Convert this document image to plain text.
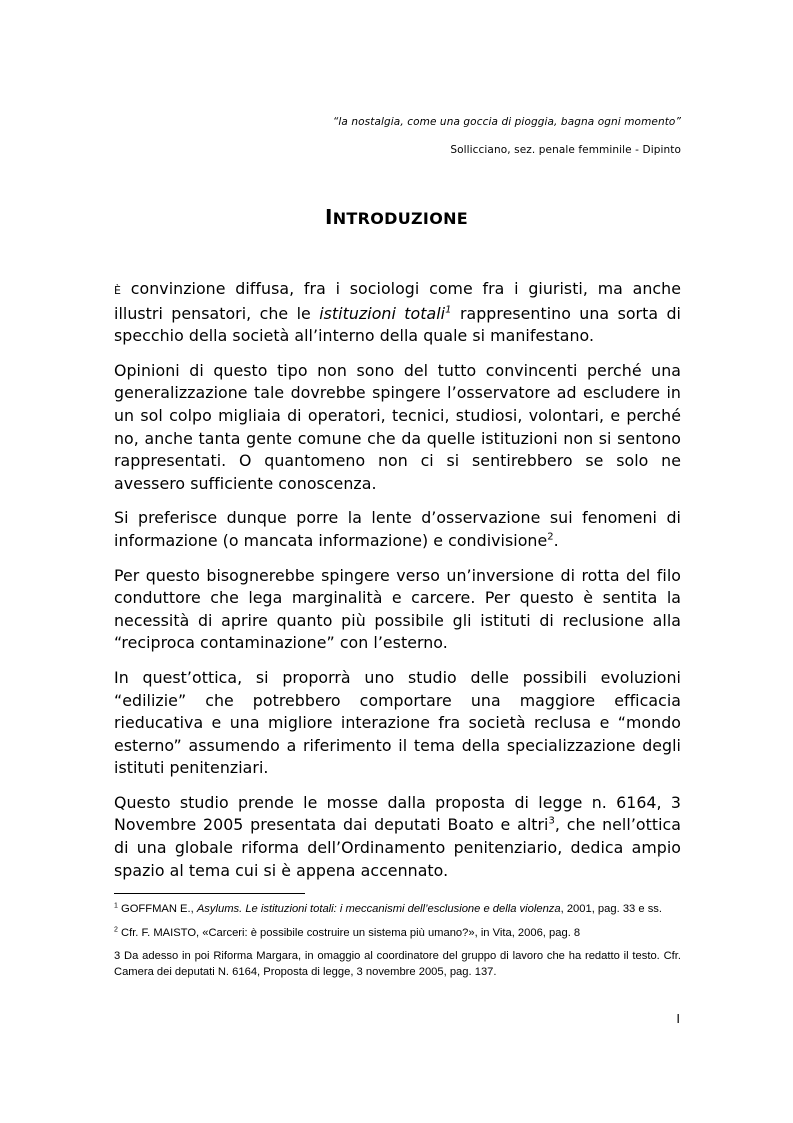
“la nostalgia, come una goccia di pioggia, bagna ogni momento”
Sollicciano, sez. penale femminile - Dipinto
INTRODUZIONE

È convinzione diffusa, fra i sociologi come fra i giuristi, ma anche illustri pensatori, che le istituzioni totali$^1$ rappresentino una sorta di specchio della società all’interno della quale si manifestano.

Opinioni di questo tipo non sono del tutto convincenti perché una generalizzazione tale dovrebbe spingere l’osservatore ad escludere in un sol colpo migliaia di operatori, tecnici, studiosi, volontari, e perché no, anche tanta gente comune che da quelle istituzioni non si sentono rappresentati. O quantomeno non ci si sentirebbero se solo ne avessero sufficiente conoscenza.

Si preferisce dunque porre la lente d’osservazione sui fenomeni di informazione (o mancata informazione) e condivisione$^2$.

Per questo bisognerebbe spingere verso un’inversione di rotta del filo conduttore che lega marginalità e carcere. Per questo è sentita la necessità di aprire quanto più possibile gli istituti di reclusione alla “reciproca contaminazione” con l’esterno.

In quest’ottica, si proporrà uno studio delle possibili evoluzioni “edilizie” che potrebbero comportare una maggiore efficacia rieducativa e una migliore interazione fra società reclusa e “mondo esterno” assumendo a riferimento il tema della specializzazione degli istituti penitenziari.

Questo studio prende le mosse dalla proposta di legge n. 6164, 3 Novembre 2005 presentata dai deputati Boato e altri$^3$, che nell’ottica di una globale riforma dell’Ordinamento penitenziario, dedica ampio spazio al tema cui si è appena accennato.

$^1$ GOFFMAN E., Asylums. Le istituzioni totali: i meccanismi dell’esclusione e della violenza, 2001, pag. 33 e ss.
$^2$ Cfr. F. MAISTO, «Carceri: è possibile costruire un sistema più umano?», in Vita, 2006, pag. 8
3 Da adesso in poi Riforma Margara, in omaggio al coordinatore del gruppo di lavoro che ha redatto il testo. Cfr. Camera dei deputati N. 6164, Proposta di legge, 3 novembre 2005, pag. 137.
I
